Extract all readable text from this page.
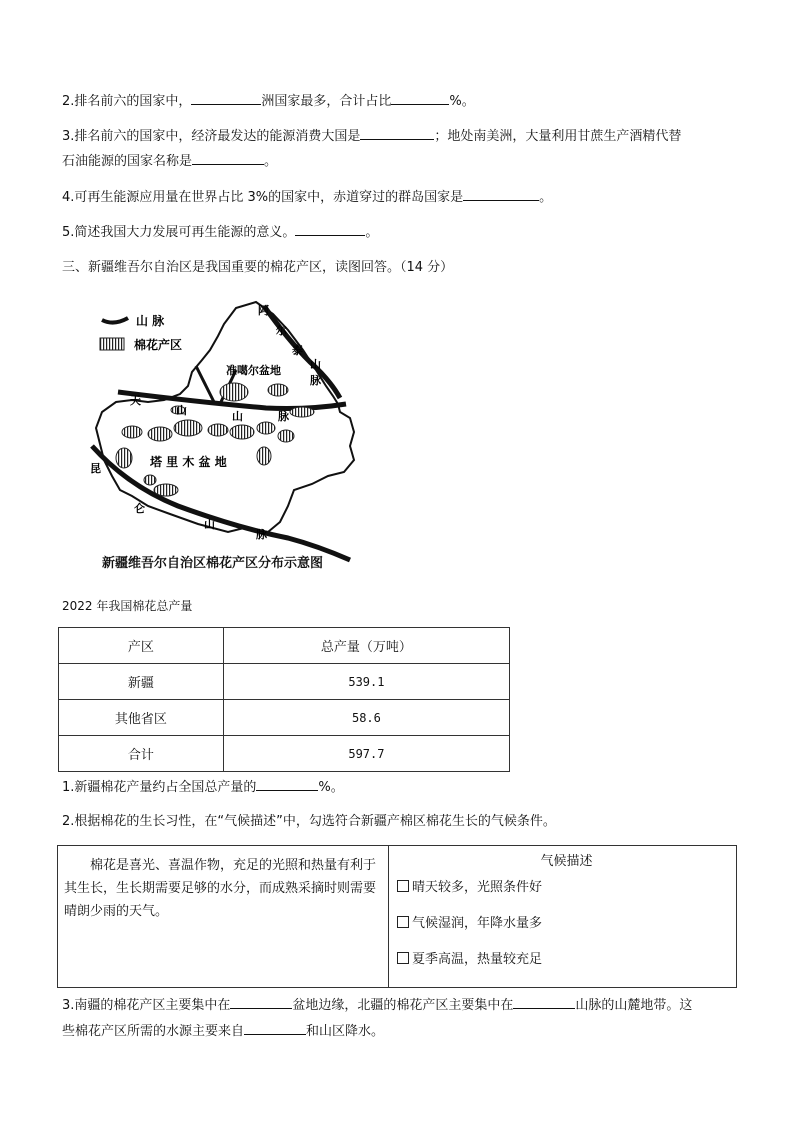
2.排名前六的国家中，	洲国家最多，合计占比	%。
3.排名前六的国家中，经济最发达的能源消费大国是	；地处南美洲，大量利用甘蔗生产酒精代替
石油能源的国家名称是	。
4.可再生能源应用量在世界占比 3%的国家中，赤道穿过的群岛国家是	。
5.简述我国大力发展可再生能源的意义。	。
三、新疆维吾尔自治区是我国重要的棉花产区，读图回答。（14 分）
山 脉
棉花产区
准噶尔盆地
塔 里 木 盆 地
天
山	山	脉
阿
尔
泰
山
脉
昆
仑
山
脉
新疆维吾尔自治区棉花产区分布示意图
2022 年我国棉花总产量
产区	总产量（万吨）
新疆	539.1
其他省区	58.6
合计	597.7
1.新疆棉花产量约占全国总产量的	%。
2.根据棉花的生长习性，在“气候描述”中，勾选符合新疆产棉区棉花生长的气候条件。
棉花是喜光、喜温作物，充足的光照和热量有利于其生长，生长期需要足够的水分，而成熟采摘时则需要晴朗少雨的天气。	
气候描述
晴天较多，光照条件好
气候湿润，年降水量多
夏季高温，热量较充足
3.南疆的棉花产区主要集中在	盆地边缘，北疆的棉花产区主要集中在	山脉的山麓地带。这
些棉花产区所需的水源主要来自	和山区降水。
